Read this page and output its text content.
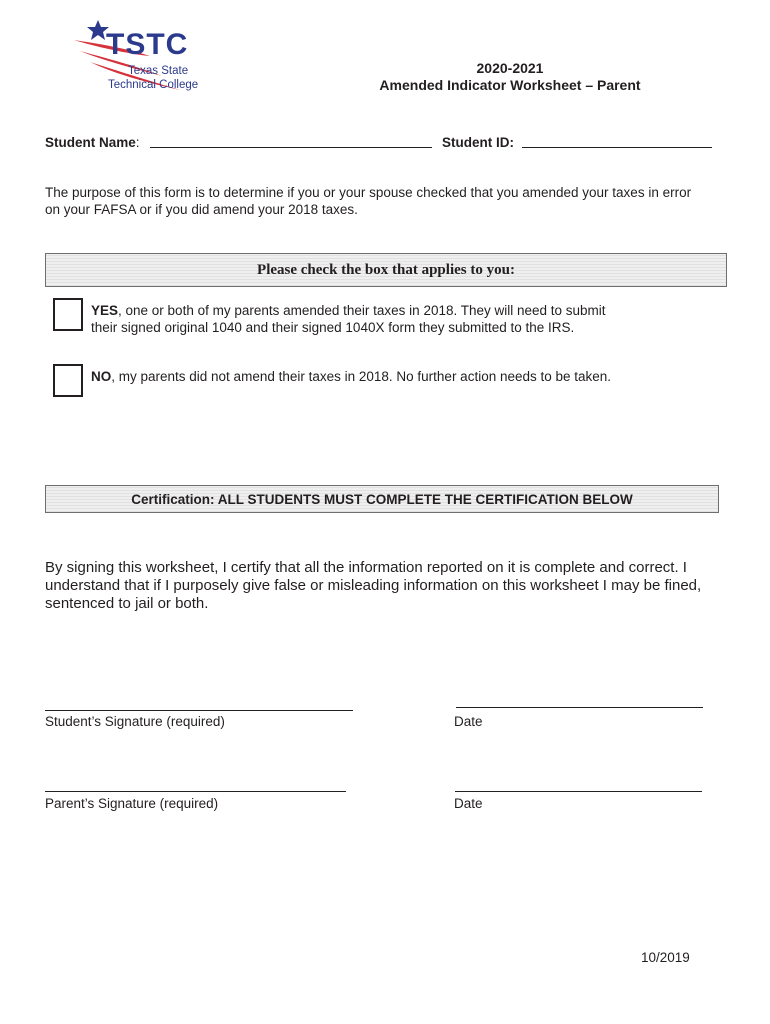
TSTC
Texas State
Technical College
2020-2021
Amended Indicator Worksheet – Parent
Student Name:	Student ID:
The purpose of this form is to determine if you or your spouse checked that you amended your taxes in error
on your FAFSA or if you did amend your 2018 taxes.
Please check the box that applies to you:
YES, one or both of my parents amended their taxes in 2018. They will need to submit
their signed original 1040 and their signed 1040X form they submitted to the IRS.
NO, my parents did not amend their taxes in 2018. No further action needs to be taken.
Certification: ALL STUDENTS MUST COMPLETE THE CERTIFICATION BELOW
By signing this worksheet, I certify that all the information reported on it is complete and correct. I
understand that if I purposely give false or misleading information on this worksheet I may be fined,
sentenced to jail or both.
Student’s Signature (required)	Date
Parent’s Signature (required)	Date
10/2019
